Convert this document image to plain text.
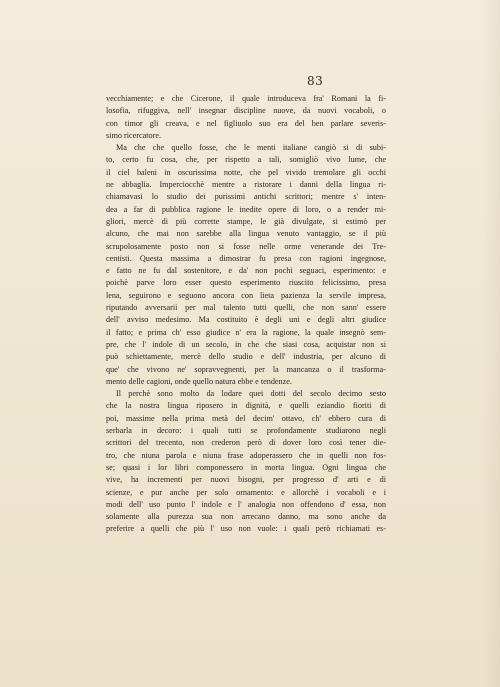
83
vecchiamente; e che Cicerone, il quale introduceva fra' Romani la fi-
losofia, rifuggiva, nell' insegnar discipline nuove, da nuovi vocaboli, o
con timor gli creava, e nel figliuolo suo era del ben parlare severis-
simo ricercatore.
Ma che che quello fosse, che le menti italiane cangiò si di subi-
to, certo fu cosa, che, per rispetto a tali, somigliò vivo lume, che
il ciel baleni in oscurissima notte, che pel vivido tremolare gli occhi
ne abbaglia. Imperciocchè mentre a ristorare i danni della lingua ri-
chiamavasi lo studio dei purissimi antichi scrittori; mentre s' inten-
dea a far di pubblica ragione le inedite opere di loro, o a render mi-
gliori, mercè di più corrette stampe, le già divulgate, si estimò per
alcuno, che mai non sarebbe alla lingua venuto vantaggio, se il più
scrupolosamente posto non si fosse nelle orme venerande dei Tre-
centisti. Questa massima a dimostrar fu presa con ragioni ingegnose,
e fatto ne fu dal sostenitore, e da' non pochi seguaci, esperimento: e
poichè parve loro esser questo esperimento riuscito felicissimo, presa
lena, seguirono e seguono ancora con lieta pazienza la servile impresa,
riputando avversarii per mal talento tutti quelli, che non sann' essere
dell' avviso medesimo. Ma costituito è degli uni e degli altri giudice
il fatto; e prima ch' esso giudice n' era la ragione, la quale insegnò sem-
pre, che l' indole di un secolo, in che che siasi cosa, acquistar non si
può schiettamente, mercè dello studio e dell' industria, per alcuno di
que' che vivono ne' sopravvegnenti, per la mancanza o il trasforma-
mento delle cagioni, onde quello natura ebbe e tendenze.
Il perchè sono molto da lodare quei dotti del secolo decimo sesto
che la nostra lingua riposero in dignità, e quelli eziandio fioriti di
poi, massime nella prima metà del decim' ottavo, ch' ebbero cura di
serbarla in decoro: i quali tutti se profondamente studiarono negli
scrittori del trecento, non crederon però di dover loro così tener die-
tro, che niuna parola e niuna frase adoperassero che in quelli non fos-
se; quasi i lor libri componessero in morta lingua. Ogni lingua che
vive, ha incrementi per nuovi bisogni, per progresso d' arti e di
scienze, e pur anche per solo ornamento: e allorchè i vocaboli e i
modi dell' uso punto l' indole e l' analogia non offendono d' essa, non
solamente alla purezza sua non arrecano danno, ma sono anche da
preferire a quelli che più l' uso non vuole: i quali però richiamati es-
